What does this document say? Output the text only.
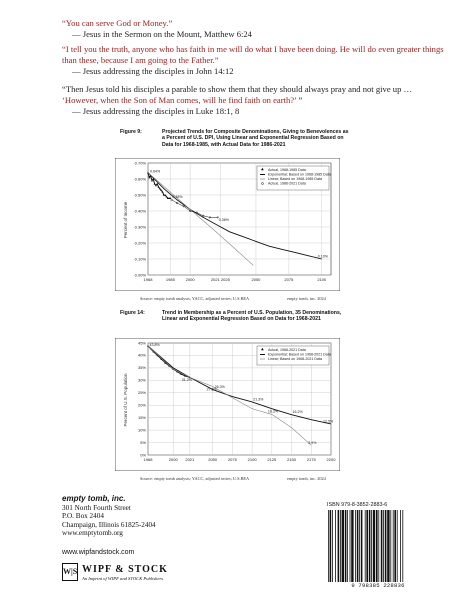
“You can serve God or Money.”
— Jesus in the Sermon on the Mount, Matthew 6:24
“I tell you the truth, anyone who has faith in me will do what I have been doing. He will do even greater things than these, because I am going to the Father.”
— Jesus addressing the disciples in John 14:12
“Then Jesus told his disciples a parable to show them that they should always pray and not give up … ‘However, when the Son of Man comes, will he find faith on earth?’ ”
— Jesus addressing the disciples in Luke 18:1, 8
Figure 9:	Projected Trends for Composite Denominations, Giving to Benevolences as a Percent of U.S. DPI, Using Linear and Exponential Regression Based on Data for 1968-1985, with Actual Data for 1986-2021
0.00%
0.10%
0.20%
0.30%
0.40%
0.50%
0.60%
0.70%
1968	1985	2000	2021 2025	2050	2075	2100
0.64%
0.48%
0.36%
0.10%
Percent of Income
Actual, 1968-1985 Data
Exponential; Based on 1968-1985 Data
Linear; Based on 1968-1985 Data
Actual, 1986-2021 Data
Source: empty tomb analysis; YACC, adjusted series; U.S.BEA	empty tomb, inc. 2024
Figure 14:	Trend in Membership as a Percent of U.S. Population, 35 Denominations, Linear and Exponential Regression Based on Data for 1968-2021
0%
5%
10%
15%
20%
25%
30%
35%
40%
45%
1968	2000 2021	2050	2075	2100	2125	2150	2175	2200
43.8%
31.2%
27.5%
26.3%
21.3%
16.3%	16.2%
12.5%
3.9%
Percent of U.S. Population
Actual, 1968-2021 Data
Exponential; Based on 1968-2021 Data
Linear; Based on 1968-2021 Data
Source: empty tomb analysis; YACC, adjusted series; U.S.BEA	empty tomb, inc. 2024
empty tomb, inc.
301 North Fourth Street
P.O. Box 2404
Champaign, Illinois 61825-2404
www.emptytomb.org
www.wipfandstock.com
W|S WIPF & STOCK
An Imprint of WIPF and STOCK Publishers
ISBN 979-8-3852-2883-6
9 798385 228836
